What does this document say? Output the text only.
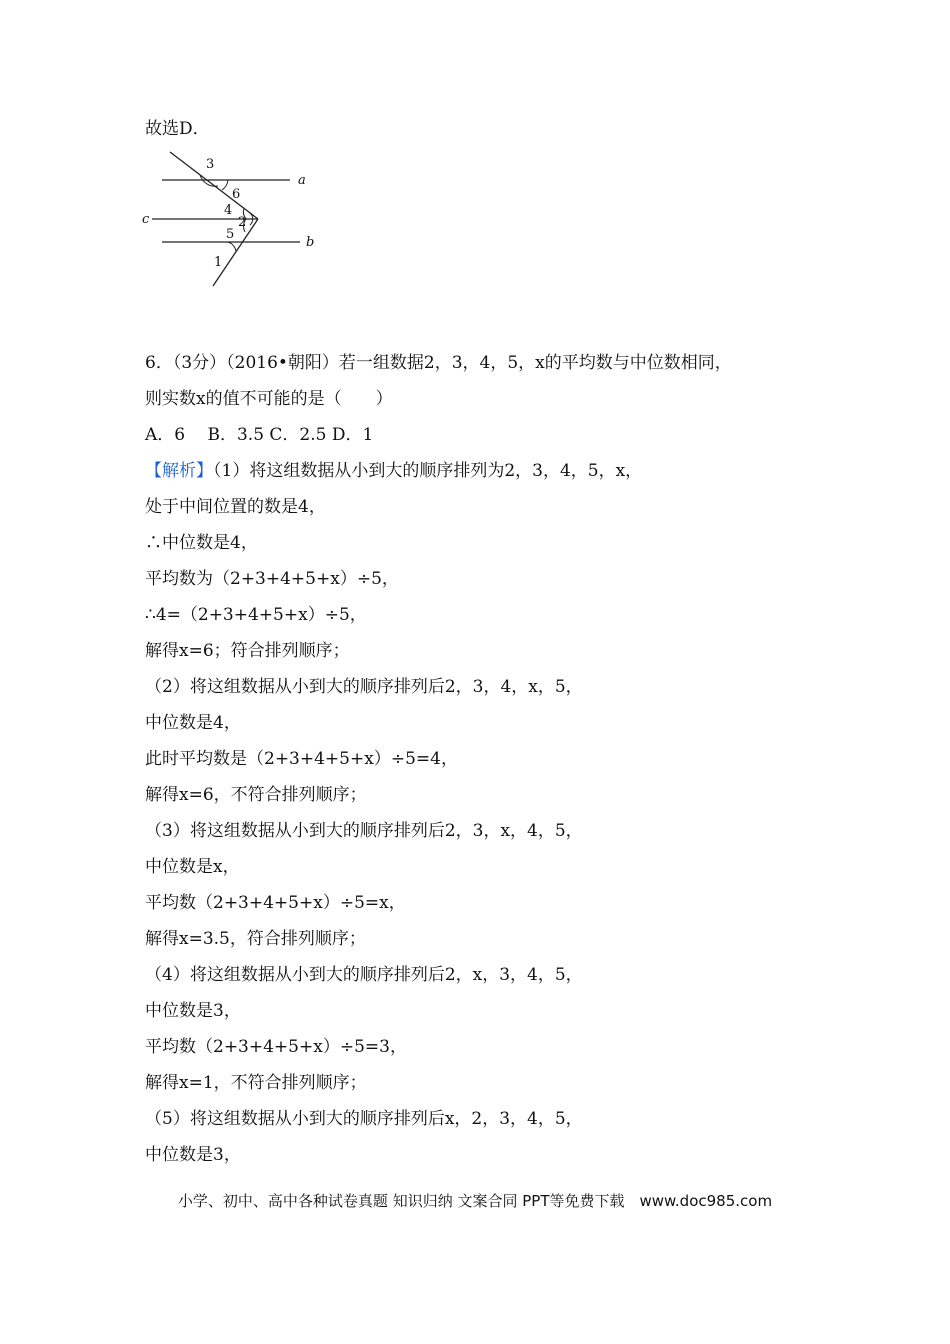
故选D．
3
6
4
2
5
1
a
c
b
6．（3分）（2016•朝阳）若一组数据2，3，4，5，x的平均数与中位数相同，
则实数x的值不可能的是（　　）
A．6　 B．3.5 C．2.5 D．1
【解析】（1）将这组数据从小到大的顺序排列为2，3，4，5，x，
处于中间位置的数是4，
∴中位数是4，
平均数为（2+3+4+5+x）÷5，
∴4=（2+3+4+5+x）÷5，
解得x=6；符合排列顺序；
（2）将这组数据从小到大的顺序排列后2，3，4，x，5，
中位数是4，
此时平均数是（2+3+4+5+x）÷5=4，
解得x=6，不符合排列顺序；
（3）将这组数据从小到大的顺序排列后2，3，x，4，5，
中位数是x，
平均数（2+3+4+5+x）÷5=x，
解得x=3.5，符合排列顺序；
（4）将这组数据从小到大的顺序排列后2，x，3，4，5，
中位数是3，
平均数（2+3+4+5+x）÷5=3，
解得x=1，不符合排列顺序；
（5）将这组数据从小到大的顺序排列后x，2，3，4，5，
中位数是3，
小学、初中、高中各种试卷真题 知识归纳 文案合同 PPT等免费下载　www.doc985.com
